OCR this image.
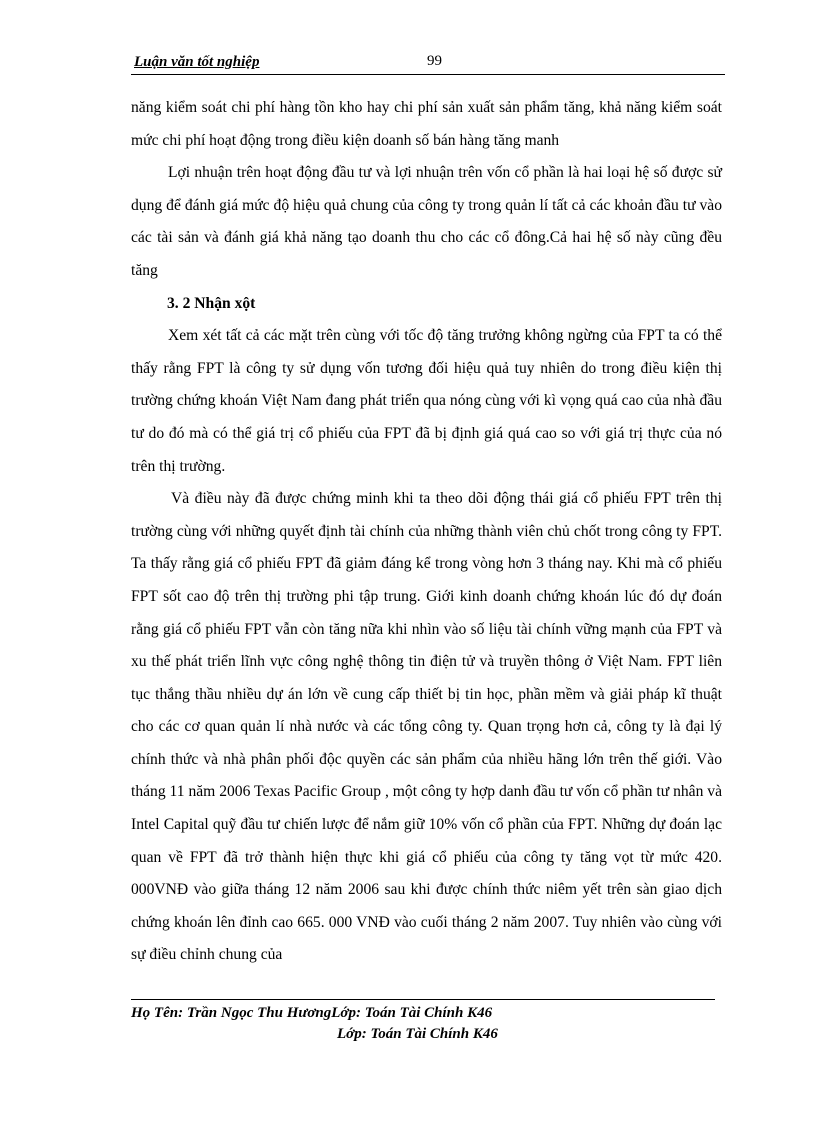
Luận văn tốt nghiệp	99

năng kiểm soát chi phí hàng tồn kho hay chi phí sản xuất sản phẩm tăng, khả năng kiểm soát mức chi phí hoạt động trong điều kiện doanh số bán hàng tăng manh

Lợi nhuận trên hoạt động đầu tư và lợi nhuận trên vốn cổ phần là hai loại hệ số được sử dụng để đánh giá mức độ hiệu quả chung của công ty trong quản lí tất cả các khoản đầu tư vào các tài sản và đánh giá khả năng tạo doanh thu cho các cổ đông.Cả hai hệ số này cũng đều tăng

3. 2 Nhận xột

Xem xét tất cả các mặt trên cùng với tốc độ tăng trưởng không ngừng của FPT ta có thể thấy rằng FPT là công ty sử dụng vốn tương đối hiệu quả tuy nhiên do trong điều kiện thị trường chứng khoán Việt Nam đang phát triển qua nóng cùng với kì vọng quá cao của nhà đầu tư do đó mà có thể giá trị cổ phiếu của FPT đã bị định giá quá cao so với giá trị thực của nó trên thị trường.

Và điều này đã được chứng minh khi ta theo dõi động thái giá cổ phiếu FPT trên thị trường cùng với những quyết định tài chính của những thành viên chủ chốt trong công ty FPT. Ta thấy rằng giá cổ phiếu FPT đã giảm đáng kể trong vòng hơn 3 tháng nay. Khi mà cổ phiếu FPT sốt cao độ trên thị trường phi tập trung. Giới kinh doanh chứng khoán lúc đó dự đoán rằng giá cổ phiếu FPT vẫn còn tăng nữa khi nhìn vào số liệu tài chính vững mạnh của FPT và xu thế phát triển lĩnh vực công nghệ thông tin điện tử và truyền thông ở Việt Nam. FPT liên tục thắng thầu nhiều dự án lớn về cung cấp thiết bị tin học, phần mềm và giải pháp kĩ thuật cho các cơ quan quản lí nhà nước và các tổng công ty. Quan trọng hơn cả, công ty là đại lý chính thức và nhà phân phối độc quyền các sản phẩm của nhiều hãng lớn trên thế giới. Vào tháng 11 năm 2006 Texas Pacific Group , một công ty hợp danh đầu tư vốn cổ phần tư nhân và Intel Capital quỹ đầu tư chiến lược để nắm giữ 10% vốn cổ phần của FPT. Những dự đoán lạc quan về FPT đã trở thành hiện thực khi giá cổ phiếu của công ty tăng vọt từ mức 420. 000VNĐ vào giữa tháng 12 năm 2006 sau khi được chính thức niêm yết trên sàn giao dịch chứng khoán lên đỉnh cao 665. 000 VNĐ vào cuối tháng 2 năm 2007. Tuy nhiên vào cùng với sự điều chỉnh chung của

Họ Tên: Trần Ngọc Thu HươngLớp: Toán Tài Chính K46
Lớp: Toán Tài Chính K46
